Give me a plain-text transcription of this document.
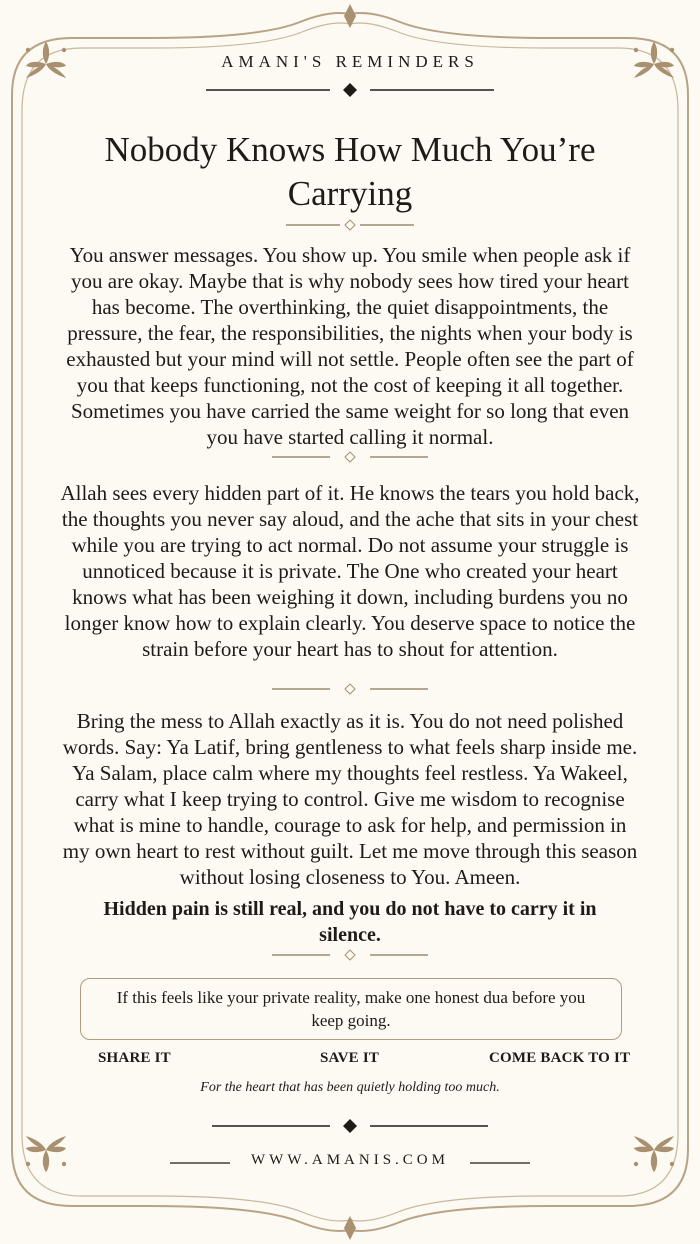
AMANI'S REMINDERS
Nobody Knows How Much You’re Carrying

You answer messages. You show up. You smile when people ask if you are okay. Maybe that is why nobody sees how tired your heart has become. The overthinking, the quiet disappointments, the pressure, the fear, the responsibilities, the nights when your body is exhausted but your mind will not settle. People often see the part of you that keeps functioning, not the cost of keeping it all together. Sometimes you have carried the same weight for so long that even you have started calling it normal.

Allah sees every hidden part of it. He knows the tears you hold back, the thoughts you never say aloud, and the ache that sits in your chest while you are trying to act normal. Do not assume your struggle is unnoticed because it is private. The One who created your heart knows what has been weighing it down, including burdens you no longer know how to explain clearly. You deserve space to notice the strain before your heart has to shout for attention.

Bring the mess to Allah exactly as it is. You do not need polished words. Say: Ya Latif, bring gentleness to what feels sharp inside me. Ya Salam, place calm where my thoughts feel restless. Ya Wakeel, carry what I keep trying to control. Give me wisdom to recognise what is mine to handle, courage to ask for help, and permission in my own heart to rest without guilt. Let me move through this season without losing closeness to You. Ameen.

Hidden pain is still real, and you do not have to carry it in silence.

If this feels like your private reality, make one honest dua before you keep going.
SHARE IT	SAVE IT	COME BACK TO IT
For the heart that has been quietly holding too much.
WWW.AMANIS.COM
